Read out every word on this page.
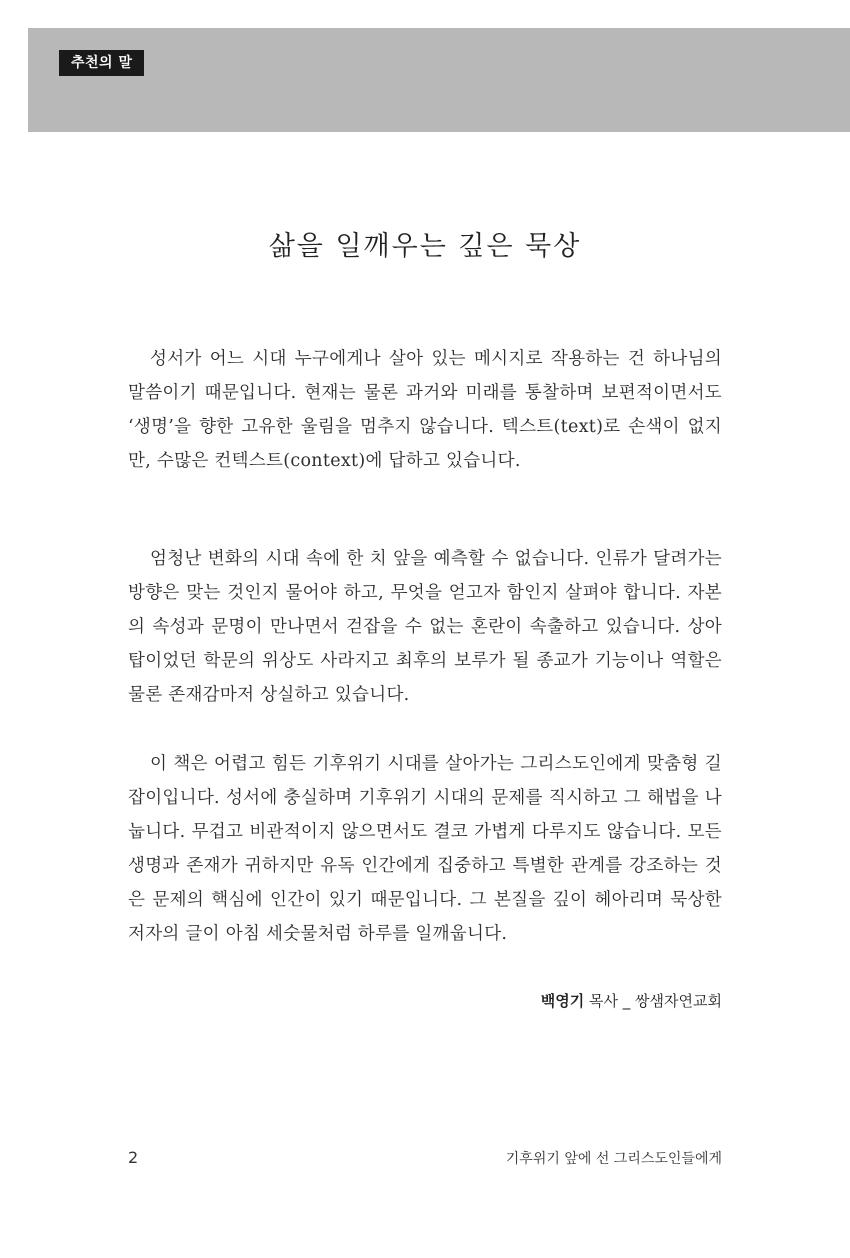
추천의 말
삶을 일깨우는 깊은 묵상

성서가 어느 시대 누구에게나 살아 있는 메시지로 작용하는 건 하나님의 말씀이기 때문입니다. 현재는 물론 과거와 미래를 통찰하며 보편적이면서도 ‘생명’을 향한 고유한 울림을 멈추지 않습니다. 텍스트(text)로 손색이 없지만, 수많은 컨텍스트(context)에 답하고 있습니다.

엄청난 변화의 시대 속에 한 치 앞을 예측할 수 없습니다. 인류가 달려가는 방향은 맞는 것인지 물어야 하고, 무엇을 얻고자 함인지 살펴야 합니다. 자본의 속성과 문명이 만나면서 걷잡을 수 없는 혼란이 속출하고 있습니다. 상아탑이었던 학문의 위상도 사라지고 최후의 보루가 될 종교가 기능이나 역할은 물론 존재감마저 상실하고 있습니다.

이 책은 어렵고 힘든 기후위기 시대를 살아가는 그리스도인에게 맞춤형 길잡이입니다. 성서에 충실하며 기후위기 시대의 문제를 직시하고 그 해법을 나눕니다. 무겁고 비관적이지 않으면서도 결코 가볍게 다루지도 않습니다. 모든 생명과 존재가 귀하지만 유독 인간에게 집중하고 특별한 관계를 강조하는 것은 문제의 핵심에 인간이 있기 때문입니다. 그 본질을 깊이 헤아리며 묵상한 저자의 글이 아침 세숫물처럼 하루를 일깨웁니다.

백영기 목사 _ 쌍샘자연교회
2	기후위기 앞에 선 그리스도인들에게
